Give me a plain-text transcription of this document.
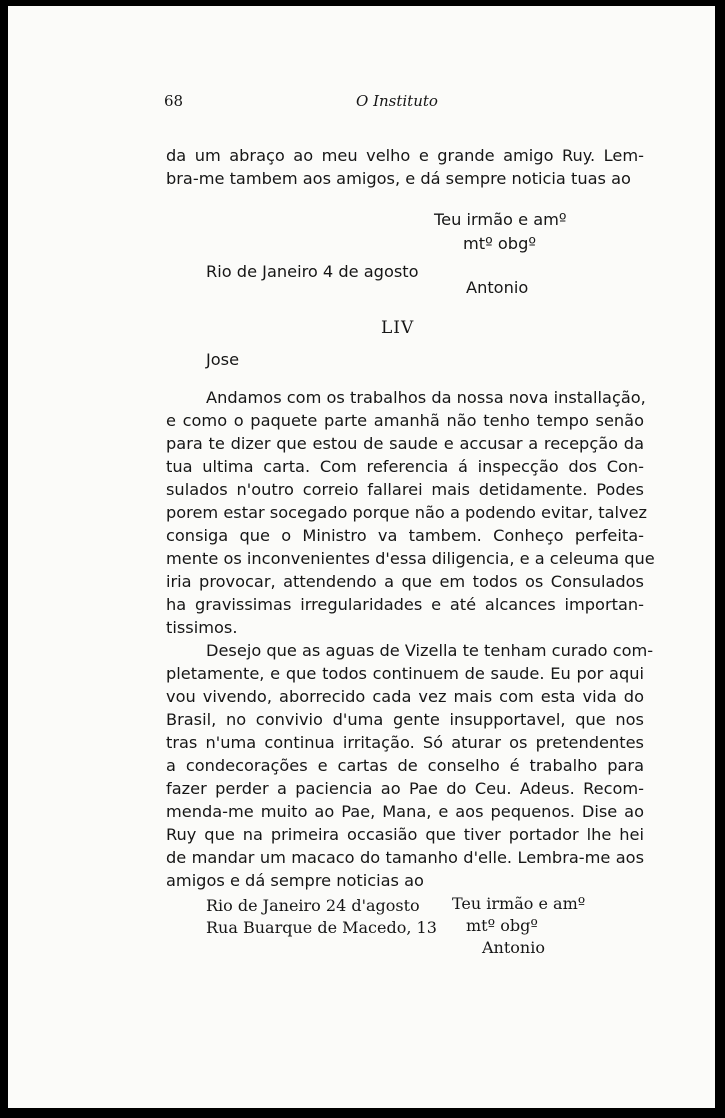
68	O Instituto
da um abraço ao meu velho e grande amigo Ruy. Lem-
bra-me tambem aos amigos, e dá sempre noticia tuas ao
Teu irmão e amº
mtº obgº
Rio de Janeiro 4 de agosto
Antonio
LIV
Jose
Andamos com os trabalhos da nossa nova installação,
e como o paquete parte amanhã não tenho tempo senão
para te dizer que estou de saude e accusar a recepção da
tua ultima carta. Com referencia á inspecção dos Con-
sulados n'outro correio fallarei mais detidamente. Podes
porem estar socegado porque não a podendo evitar, talvez
consiga que o Ministro va tambem. Conheço perfeita-
mente os inconvenientes d'essa diligencia, e a celeuma que
iria provocar, attendendo a que em todos os Consulados
ha gravissimas irregularidades e até alcances importan-
tissimos.
Desejo que as aguas de Vizella te tenham curado com-
pletamente, e que todos continuem de saude. Eu por aqui
vou vivendo, aborrecido cada vez mais com esta vida do
Brasil, no convivio d'uma gente insupportavel, que nos
tras n'uma continua irritação. Só aturar os pretendentes
a condecorações e cartas de conselho é trabalho para
fazer perder a paciencia ao Pae do Ceu. Adeus. Recom-
menda-me muito ao Pae, Mana, e aos pequenos. Dise ao
Ruy que na primeira occasião que tiver portador lhe hei
de mandar um macaco do tamanho d'elle. Lembra-me aos
amigos e dá sempre noticias ao
Rio de Janeiro 24 d'agosto
Rua Buarque de Macedo, 13
Teu irmão e amº
mtº obgº
Antonio
